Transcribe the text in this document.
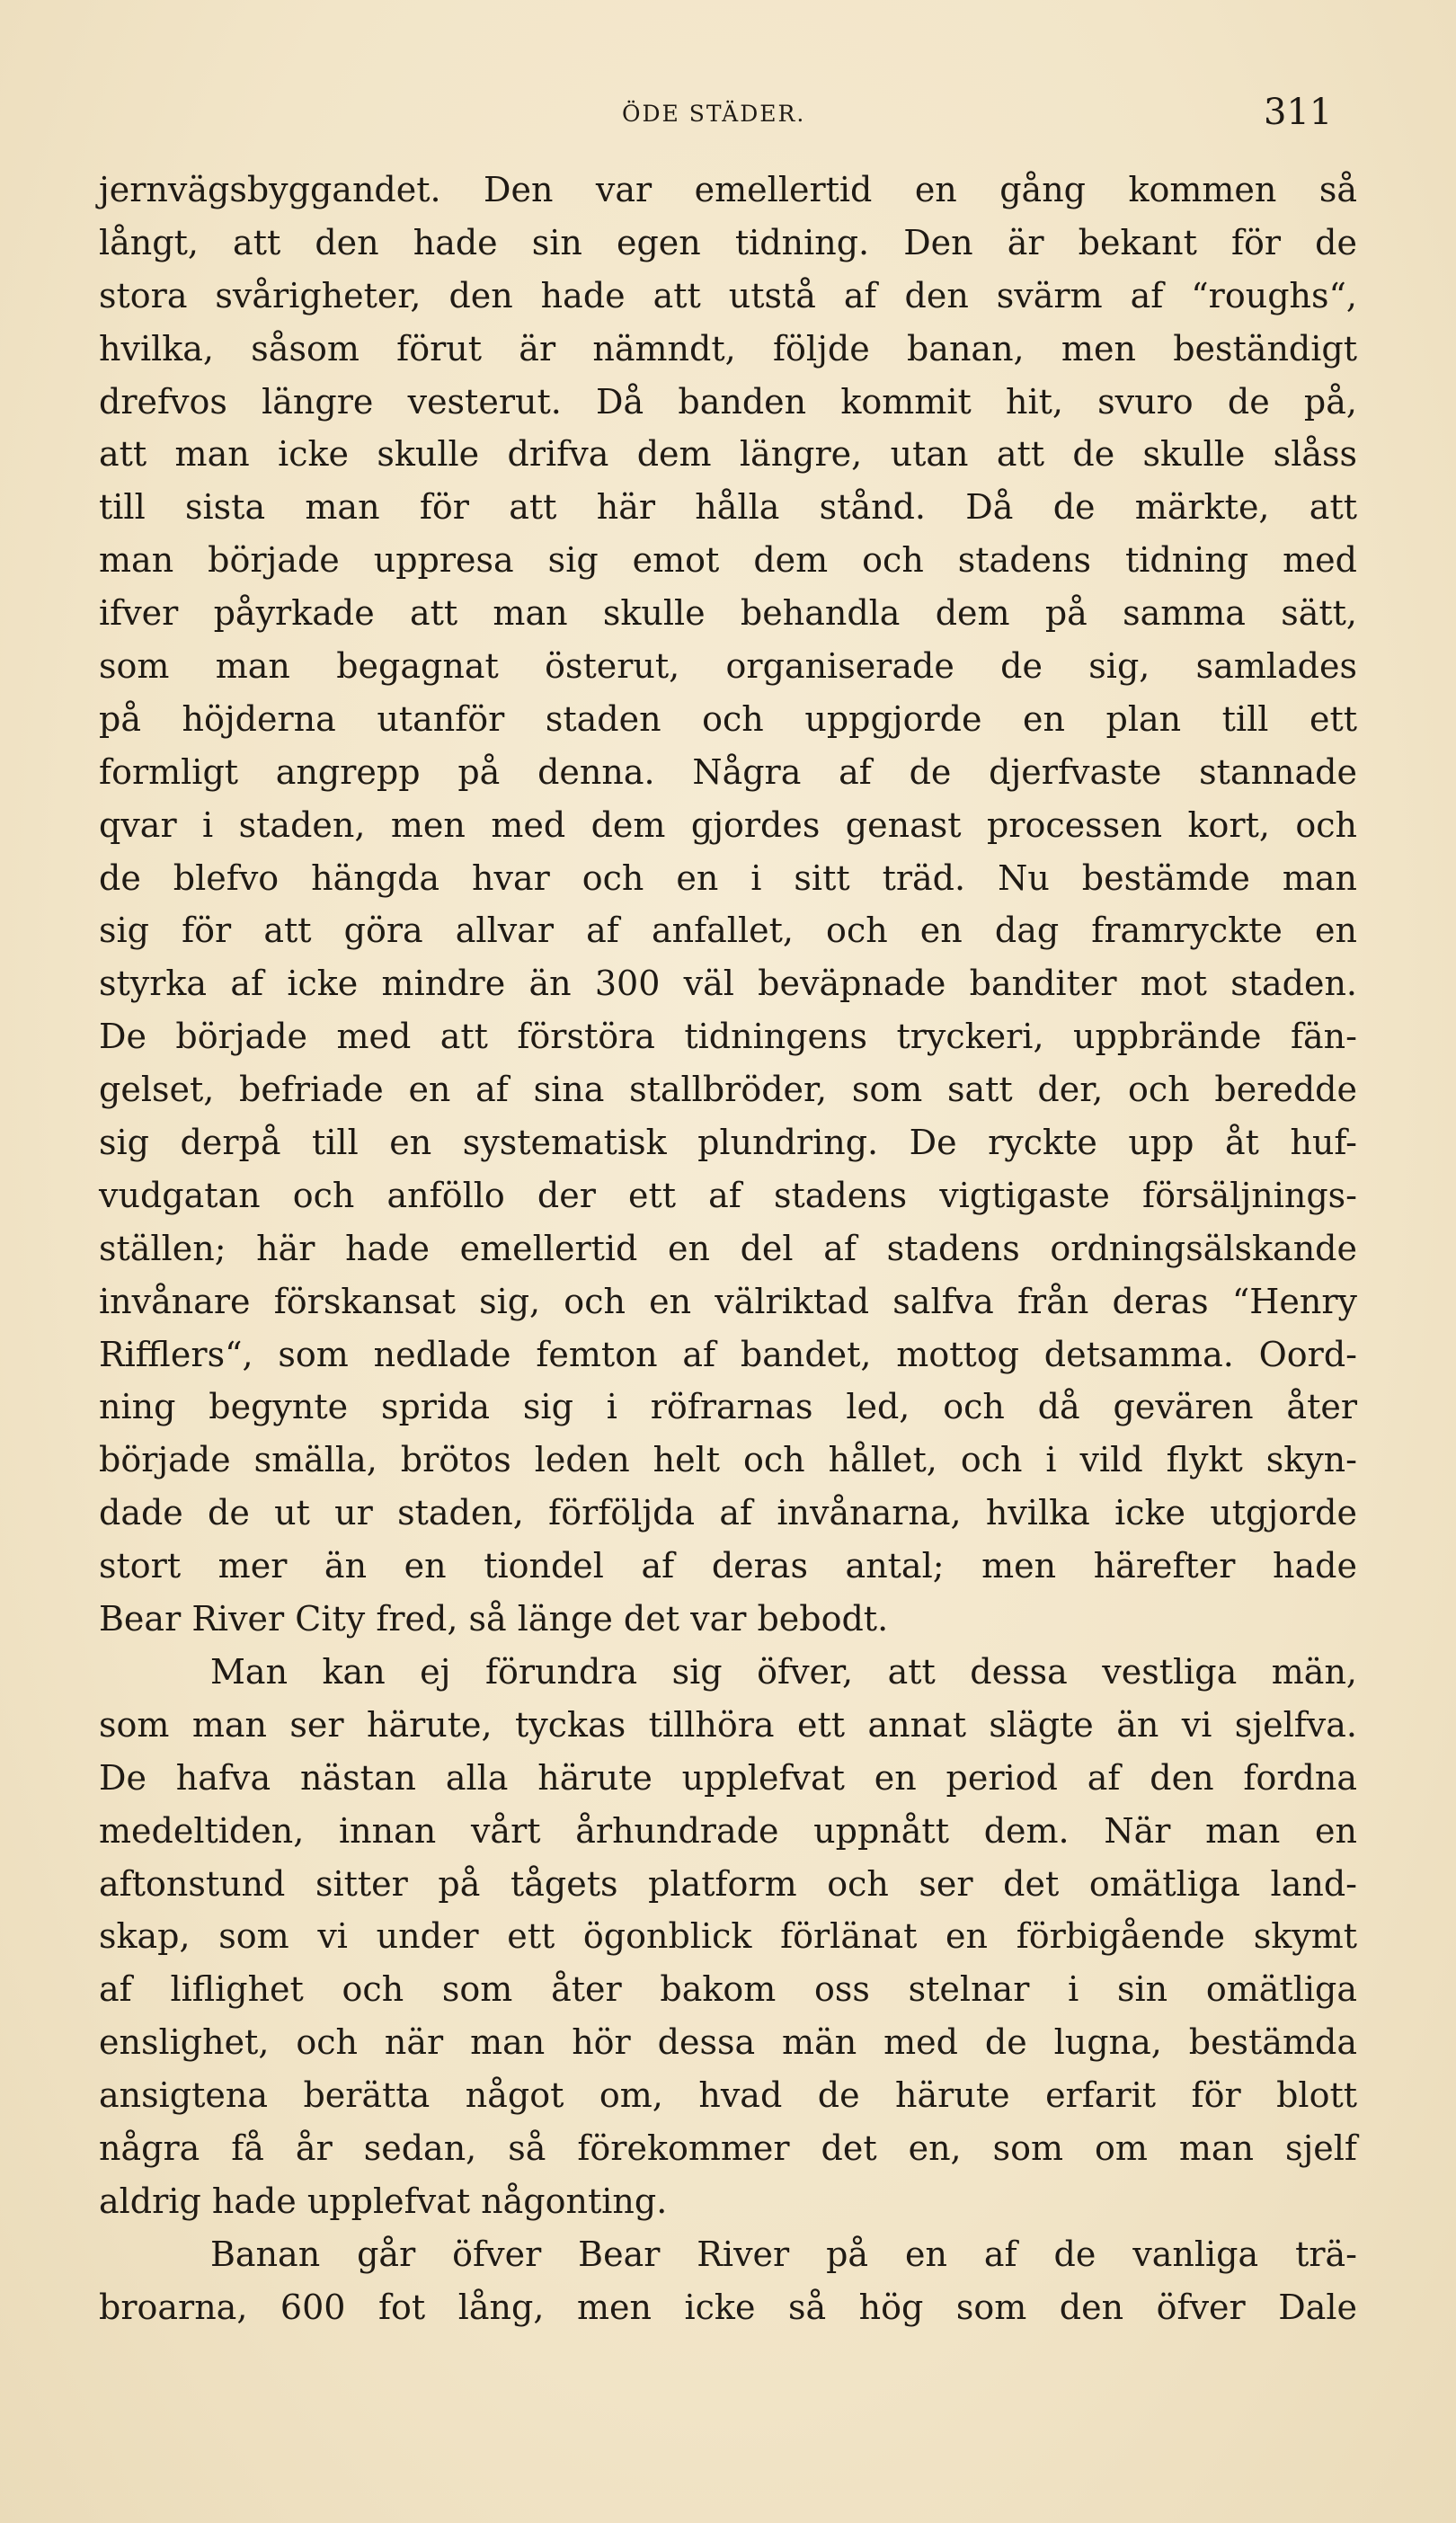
ÖDE STÄDER.	311
jernvägsbyggandet. Den var emellertid en gång kommen så
långt, att den hade sin egen tidning. Den är bekant för de
stora svårigheter, den hade att utstå af den svärm af “roughs“,
hvilka, såsom förut är nämndt, följde banan, men beständigt
drefvos längre vesterut. Då banden kommit hit, svuro de på,
att man icke skulle drifva dem längre, utan att de skulle slåss
till sista man för att här hålla stånd. Då de märkte, att
man började uppresa sig emot dem och stadens tidning med
ifver påyrkade att man skulle behandla dem på samma sätt,
som man begagnat österut, organiserade de sig, samlades
på höjderna utanför staden och uppgjorde en plan till ett
formligt angrepp på denna. Några af de djerfvaste stannade
qvar i staden, men med dem gjordes genast processen kort, och
de blefvo hängda hvar och en i sitt träd. Nu bestämde man
sig för att göra allvar af anfallet, och en dag framryckte en
styrka af icke mindre än 300 väl beväpnade banditer mot staden.
De började med att förstöra tidningens tryckeri, uppbrände fän-
gelset, befriade en af sina stallbröder, som satt der, och beredde
sig derpå till en systematisk plundring. De ryckte upp åt huf-
vudgatan och anföllo der ett af stadens vigtigaste försäljnings-
ställen; här hade emellertid en del af stadens ordningsälskande
invånare förskansat sig, och en välriktad salfva från deras “Henry
Rifflers“, som nedlade femton af bandet, mottog detsamma. Oord-
ning begynte sprida sig i röfrarnas led, och då gevären åter
började smälla, brötos leden helt och hållet, och i vild flykt skyn-
dade de ut ur staden, förföljda af invånarna, hvilka icke utgjorde
stort mer än en tiondel af deras antal; men härefter hade
Bear River City fred, så länge det var bebodt.
Man kan ej förundra sig öfver, att dessa vestliga män,
som man ser härute, tyckas tillhöra ett annat slägte än vi sjelfva.
De hafva nästan alla härute upplefvat en period af den fordna
medeltiden, innan vårt århundrade uppnått dem. När man en
aftonstund sitter på tågets platform och ser det omätliga land-
skap, som vi under ett ögonblick förlänat en förbigående skymt
af liflighet och som åter bakom oss stelnar i sin omätliga
enslighet, och när man hör dessa män med de lugna, bestämda
ansigtena berätta något om, hvad de härute erfarit för blott
några få år sedan, så förekommer det en, som om man sjelf
aldrig hade upplefvat någonting.
Banan går öfver Bear River på en af de vanliga trä-
broarna, 600 fot lång, men icke så hög som den öfver Dale
